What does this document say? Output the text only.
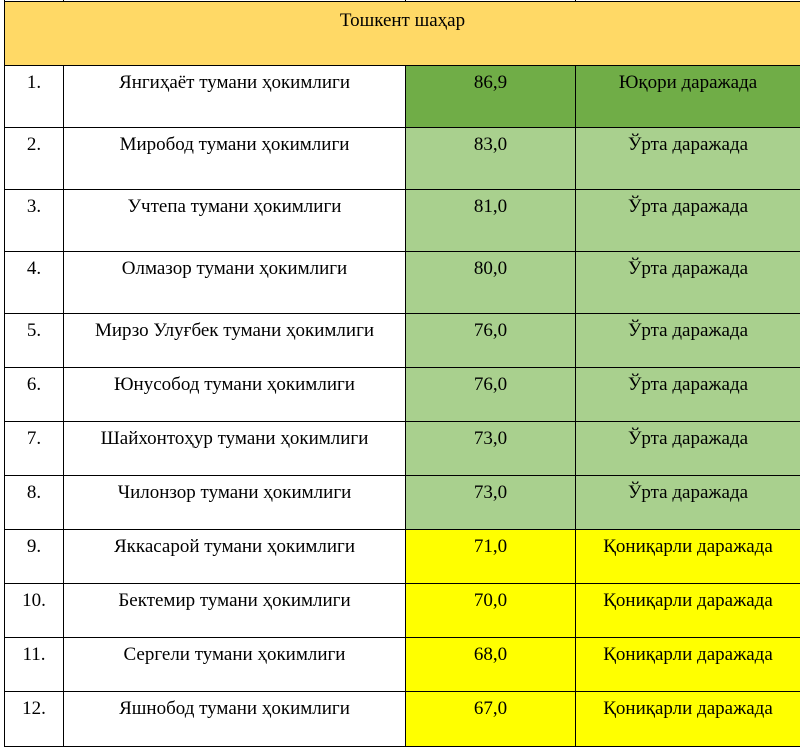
Тошкент шаҳар			
1.	Янгиҳаёт тумани ҳокимлиги	86,9	Юқори даражада
2.	Миробод тумани ҳокимлиги	83,0	Ўрта даражада
3.	Учтепа тумани ҳокимлиги	81,0	Ўрта даражада
4.	Олмазор тумани ҳокимлиги	80,0	Ўрта даражада
5.	Мирзо Улуғбек тумани ҳокимлиги	76,0	Ўрта даражада
6.	Юнусобод тумани ҳокимлиги	76,0	Ўрта даражада
7.	Шайхонтоҳур тумани ҳокимлиги	73,0	Ўрта даражада
8.	Чилонзор тумани ҳокимлиги	73,0	Ўрта даражада
9.	Яккасарой тумани ҳокимлиги	71,0	Қониқарли даражада
10.	Бектемир тумани ҳокимлиги	70,0	Қониқарли даражада
11.	Сергели тумани ҳокимлиги	68,0	Қониқарли даражада
12.	Яшнобод тумани ҳокимлиги	67,0	Қониқарли даражада
